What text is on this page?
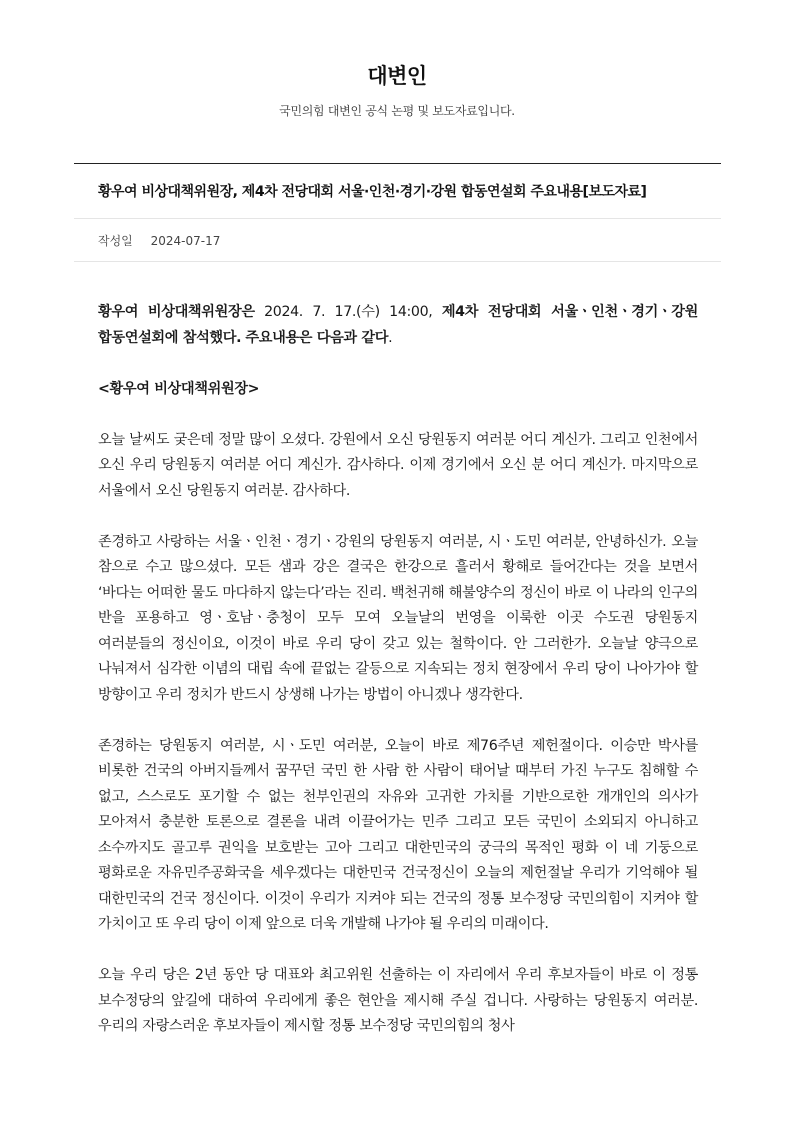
대변인
국민의힘 대변인 공식 논평 및 보도자료입니다.
황우여 비상대책위원장, 제4차 전당대회 서울·인천·경기·강원 합동연설회 주요내용[보도자료]
작성일 2024-07-17

황우여 비상대책위원장은 2024. 7. 17.(수) 14:00, 제4차 전당대회 서울ㆍ인천ㆍ경기ㆍ강원 합동연설회에 참석했다. 주요내용은 다음과 같다.

<황우여 비상대책위원장>

오늘 날씨도 궂은데 정말 많이 오셨다. 강원에서 오신 당원동지 여러분 어디 계신가. 그리고 인천에서 오신 우리 당원동지 여러분 어디 계신가. 감사하다. 이제 경기에서 오신 분 어디 계신가. 마지막으로 서울에서 오신 당원동지 여러분. 감사하다.

존경하고 사랑하는 서울ㆍ인천ㆍ경기ㆍ강원의 당원동지 여러분, 시ㆍ도민 여러분, 안녕하신가. 오늘 참으로 수고 많으셨다. 모든 샘과 강은 결국은 한강으로 흘러서 황해로 들어간다는 것을 보면서 ‘바다는 어떠한 물도 마다하지 않는다’라는 진리. 백천귀해 해불양수의 정신이 바로 이 나라의 인구의 반을 포용하고 영ㆍ호남ㆍ충청이 모두 모여 오늘날의 번영을 이룩한 이곳 수도권 당원동지 여러분들의 정신이요, 이것이 바로 우리 당이 갖고 있는 철학이다. 안 그러한가. 오늘날 양극으로 나눠져서 심각한 이념의 대립 속에 끝없는 갈등으로 지속되는 정치 현장에서 우리 당이 나아가야 할 방향이고 우리 정치가 반드시 상생해 나가는 방법이 아니겠나 생각한다.

존경하는 당원동지 여러분, 시ㆍ도민 여러분, 오늘이 바로 제76주년 제헌절이다. 이승만 박사를 비롯한 건국의 아버지들께서 꿈꾸던 국민 한 사람 한 사람이 태어날 때부터 가진 누구도 침해할 수 없고, 스스로도 포기할 수 없는 천부인권의 자유와 고귀한 가치를 기반으로한 개개인의 의사가 모아져서 충분한 토론으로 결론을 내려 이끌어가는 민주 그리고 모든 국민이 소외되지 아니하고 소수까지도 골고루 권익을 보호받는 고아 그리고 대한민국의 궁극의 목적인 평화 이 네 기둥으로 평화로운 자유민주공화국을 세우겠다는 대한민국 건국정신이 오늘의 제헌절날 우리가 기억해야 될 대한민국의 건국 정신이다. 이것이 우리가 지켜야 되는 건국의 정통 보수정당 국민의힘이 지켜야 할 가치이고 또 우리 당이 이제 앞으로 더욱 개발해 나가야 될 우리의 미래이다.

오늘 우리 당은 2년 동안 당 대표와 최고위원 선출하는 이 자리에서 우리 후보자들이 바로 이 정통 보수정당의 앞길에 대하여 우리에게 좋은 현안을 제시해 주실 겁니다. 사랑하는 당원동지 여러분. 우리의 자랑스러운 후보자들이 제시할 정통 보수정당 국민의힘의 청사
